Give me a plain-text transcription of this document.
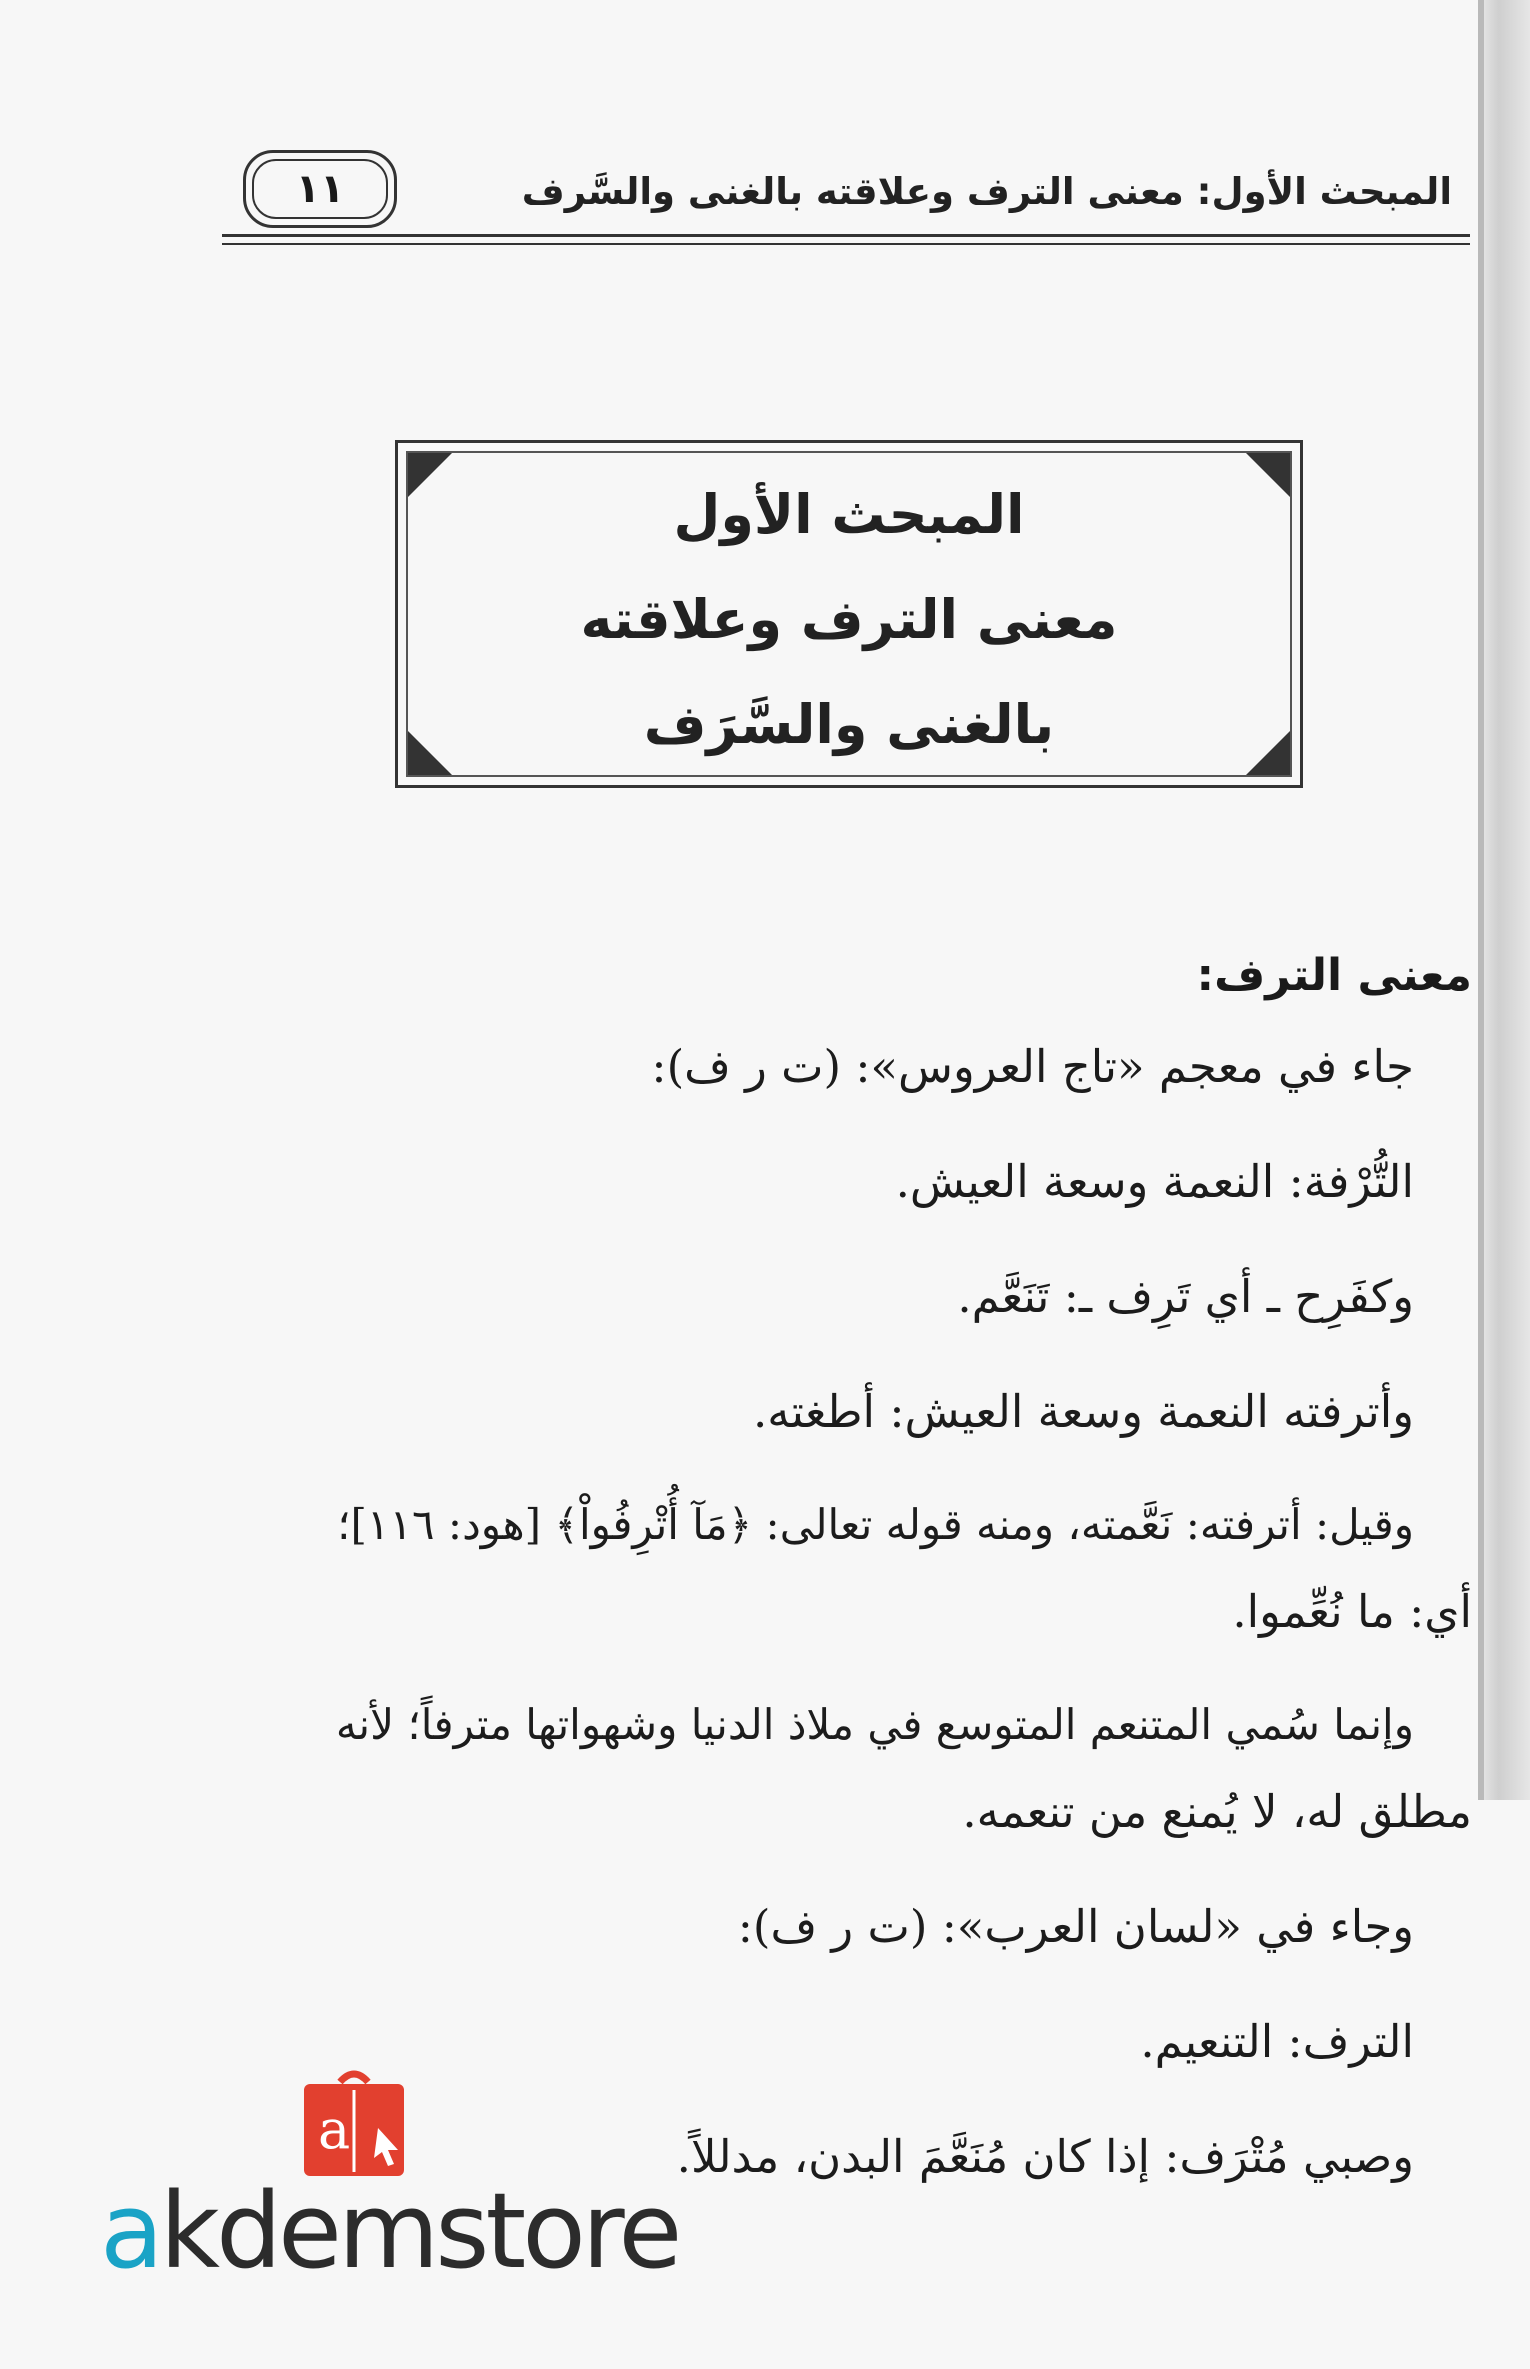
المبحث الأول: معنى الترف وعلاقته بالغنى والسَّرف
١١
المبحث الأول
معنى الترف وعلاقته
بالغنى والسَّرَف
معنى الترف:
جاء في معجم «تاج العروس»: (ت ر ف):
التُّرْفة: النعمة وسعة العيش.
وكفَرِح ـ أي تَرِف ـ: تَنَعَّم.
وأترفته النعمة وسعة العيش: أطغته.
وقيل: أترفته: نَعَّمته، ومنه قوله تعالى: ﴿مَآ أُتْرِفُواْ﴾ [هود: ١١٦]؛
أي: ما نُعِّموا.
وإنما سُمي المتنعم المتوسع في ملاذ الدنيا وشهواتها مترفاً؛ لأنه
مطلق له، لا يُمنع من تنعمه.
وجاء في «لسان العرب»: (ت ر ف):
الترف: التنعيم.
وصبي مُتْرَف: إذا كان مُنَعَّمَ البدن، مدللاً.
a
akdemstore
